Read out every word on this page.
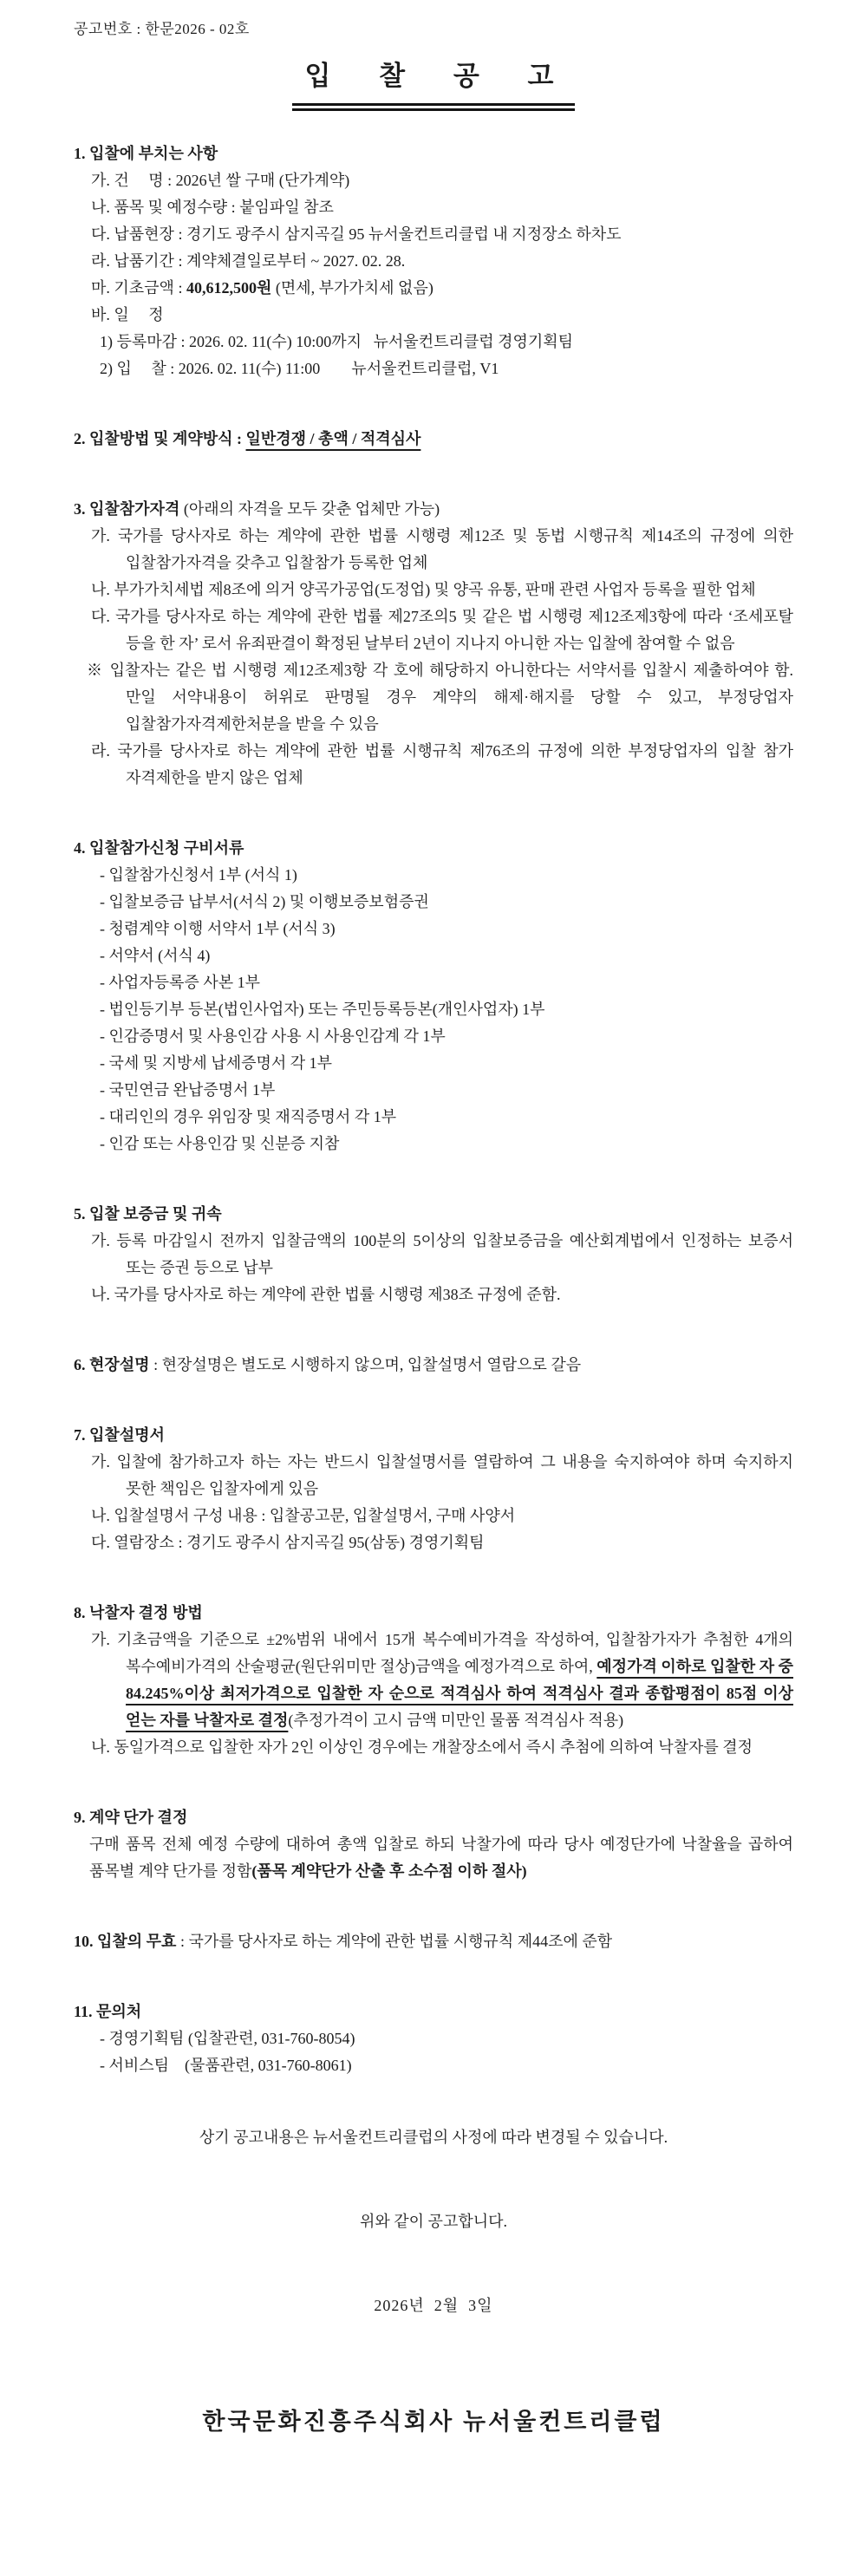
공고번호 : 한문2026 - 02호

입 찰 공 고

1. 입찰에 부치는 사항

가. 건     명 : 2026년 쌀 구매 (단가계약)

나. 품목 및 예정수량 : 붙임파일 참조

다. 납품현장 : 경기도 광주시 삼지곡길 95 뉴서울컨트리클럽 내 지정장소 하차도

라. 납품기간 : 계약체결일로부터 ~ 2027. 02. 28.

마. 기초금액 : 40,612,500원 (면세, 부가가치세 없음)

바. 일     정

1) 등록마감 : 2026. 02. 11(수) 10:00까지   뉴서울컨트리클럽 경영기획팀

2) 입     찰 : 2026. 02. 11(수) 11:00        뉴서울컨트리클럽, V1

2. 입찰방법 및 계약방식 : 일반경쟁 / 총액 / 적격심사

3. 입찰참가자격 (아래의 자격을 모두 갖춘 업체만 가능)

가. 국가를 당사자로 하는 계약에 관한 법률 시행령 제12조 및 동법 시행규칙 제14조의 규정에 의한 입찰참가자격을 갖추고 입찰참가 등록한 업체

나. 부가가치세법 제8조에 의거 양곡가공업(도정업) 및 양곡 유통, 판매 관련 사업자 등록을 필한 업체

다. 국가를 당사자로 하는 계약에 관한 법률 제27조의5 및 같은 법 시행령 제12조제3항에 따라 ‘조세포탈 등을 한 자’ 로서 유죄판결이 확정된 날부터 2년이 지나지 아니한 자는 입찰에 참여할 수 없음

※ 입찰자는 같은 법 시행령 제12조제3항 각 호에 해당하지 아니한다는 서약서를 입찰시 제출하여야 함. 만일 서약내용이 허위로 판명될 경우 계약의 해제·해지를 당할 수 있고, 부정당업자 입찰참가자격제한처분을 받을 수 있음

라. 국가를 당사자로 하는 계약에 관한 법률 시행규칙 제76조의 규정에 의한 부정당업자의 입찰 참가 자격제한을 받지 않은 업체

4. 입찰참가신청 구비서류

- 입찰참가신청서 1부 (서식 1)

- 입찰보증금 납부서(서식 2) 및 이행보증보험증권

- 청렴계약 이행 서약서 1부 (서식 3)

- 서약서 (서식 4)

- 사업자등록증 사본 1부

- 법인등기부 등본(법인사업자) 또는 주민등록등본(개인사업자) 1부

- 인감증명서 및 사용인감 사용 시 사용인감계 각 1부

- 국세 및 지방세 납세증명서 각 1부

- 국민연금 완납증명서 1부

- 대리인의 경우 위임장 및 재직증명서 각 1부

- 인감 또는 사용인감 및 신분증 지참

5. 입찰 보증금 및 귀속

가. 등록 마감일시 전까지 입찰금액의 100분의 5이상의 입찰보증금을 예산회계법에서 인정하는 보증서 또는 증권 등으로 납부

나. 국가를 당사자로 하는 계약에 관한 법률 시행령 제38조 규정에 준함.

6. 현장설명 : 현장설명은 별도로 시행하지 않으며, 입찰설명서 열람으로 갈음

7. 입찰설명서

가. 입찰에 참가하고자 하는 자는 반드시 입찰설명서를 열람하여 그 내용을 숙지하여야 하며 숙지하지 못한 책임은 입찰자에게 있음

나. 입찰설명서 구성 내용 : 입찰공고문, 입찰설명서, 구매 사양서

다. 열람장소 : 경기도 광주시 삼지곡길 95(삼동) 경영기획팀

8. 낙찰자 결정 방법

가. 기초금액을 기준으로 ±2%범위 내에서 15개 복수예비가격을 작성하여, 입찰참가자가 추첨한 4개의 복수예비가격의 산술평균(원단위미만 절상)금액을 예정가격으로 하여, 예정가격 이하로 입찰한 자 중 84.245%이상 최저가격으로 입찰한 자 순으로 적격심사 하여 적격심사 결과 종합평점이 85점 이상 얻는 자를 낙찰자로 결정(추정가격이 고시 금액 미만인 물품 적격심사 적용)

나. 동일가격으로 입찰한 자가 2인 이상인 경우에는 개찰장소에서 즉시 추첨에 의하여 낙찰자를 결정

9. 계약 단가 결정

구매 품목 전체 예정 수량에 대하여 총액 입찰로 하되 낙찰가에 따라 당사 예정단가에 낙찰율을 곱하여 품목별 계약 단가를 정함(품목 계약단가 산출 후 소수점 이하 절사)

10. 입찰의 무효 : 국가를 당사자로 하는 계약에 관한 법률 시행규칙 제44조에 준함

11. 문의처

- 경영기획팀 (입찰관련, 031-760-8054)

- 서비스팀    (물품관련, 031-760-8061)

상기 공고내용은 뉴서울컨트리클럽의 사정에 따라 변경될 수 있습니다.

위와 같이 공고합니다.

2026년  2월  3일

한국문화진흥주식회사 뉴서울컨트리클럽
